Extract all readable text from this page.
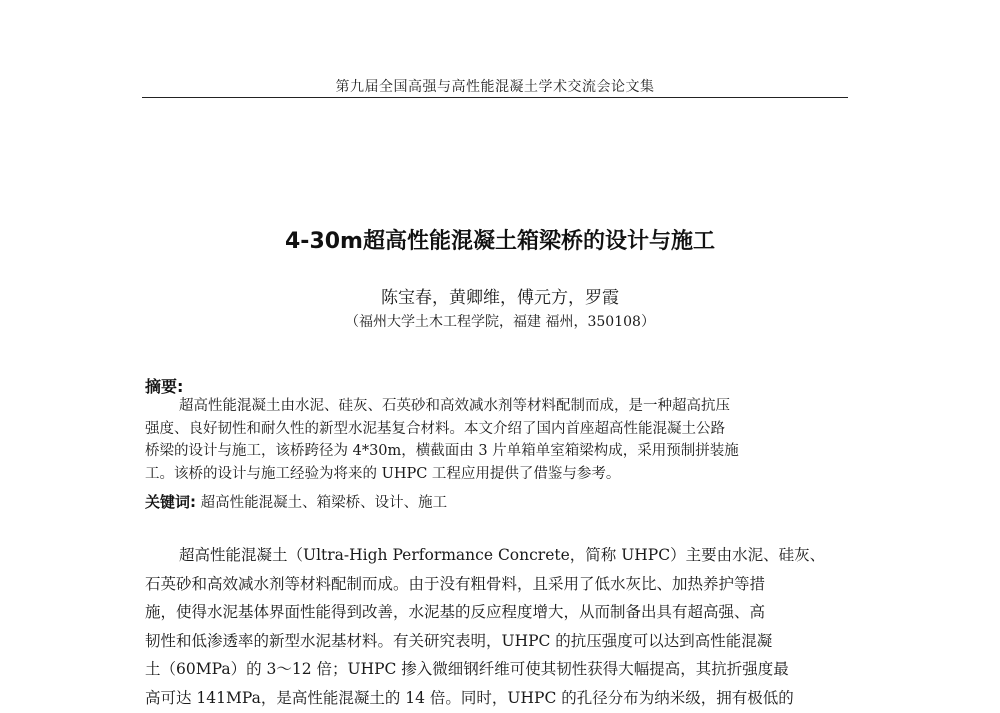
第九届全国高强与高性能混凝土学术交流会论文集
4-30m超高性能混凝土箱梁桥的设计与施工
陈宝春，黄卿维，傅元方，罗霞
（福州大学土木工程学院，福建 福州，350108）
摘要:
超高性能混凝土由水泥、硅灰、石英砂和高效减水剂等材料配制而成，是一种超高抗压
强度、良好韧性和耐久性的新型水泥基复合材料。本文介绍了国内首座超高性能混凝土公路
桥梁的设计与施工，该桥跨径为 4*30m，横截面由 3 片单箱单室箱梁构成，采用预制拼装施
工。该桥的设计与施工经验为将来的 UHPC 工程应用提供了借鉴与参考。
关键词: 超高性能混凝土、箱梁桥、设计、施工
超高性能混凝土（Ultra-High Performance Concrete，简称 UHPC）主要由水泥、硅灰、
石英砂和高效减水剂等材料配制而成。由于没有粗骨料，且采用了低水灰比、加热养护等措
施，使得水泥基体界面性能得到改善，水泥基的反应程度增大，从而制备出具有超高强、高
韧性和低渗透率的新型水泥基材料。有关研究表明，UHPC 的抗压强度可以达到高性能混凝
土（60MPa）的 3～12 倍；UHPC 掺入微细钢纤维可使其韧性获得大幅提高，其抗折强度最
高可达 141MPa，是高性能混凝土的 14 倍。同时，UHPC 的孔径分布为纳米级，拥有极低的
